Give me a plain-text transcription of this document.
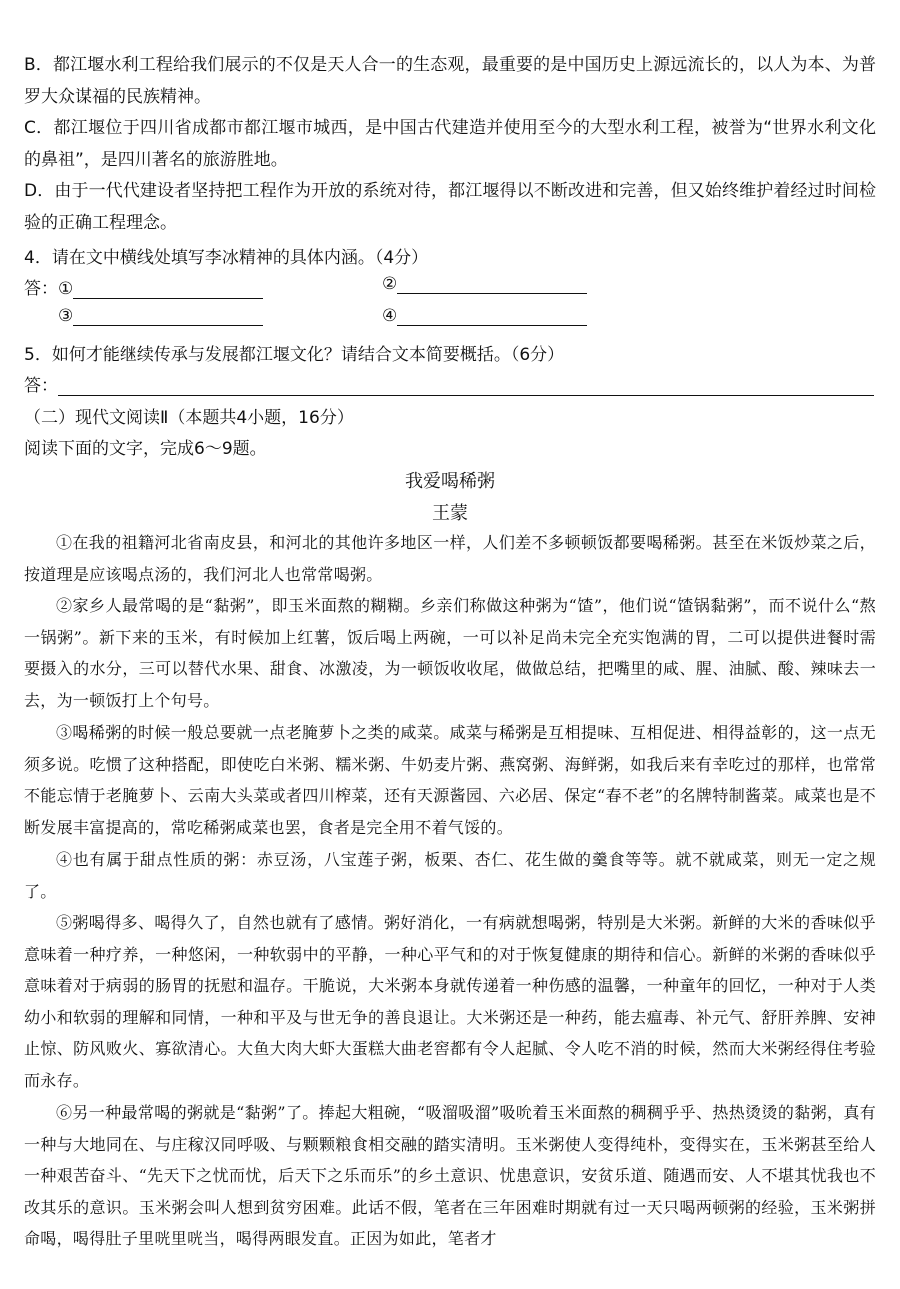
B．都江堰水利工程给我们展示的不仅是天人合一的生态观，最重要的是中国历史上源远流长的，以人为本、为普罗大众谋福的民族精神。

C．都江堰位于四川省成都市都江堰市城西，是中国古代建造并使用至今的大型水利工程，被誉为“世界水利文化的鼻祖”，是四川著名的旅游胜地。

D．由于一代代建设者坚持把工程作为开放的系统对待，都江堰得以不断改进和完善，但又始终维护着经过时间检验的正确工程理念。

4．请在文中横线处填写李冰精神的具体内涵。（4分）
答：①	②
③	④
5．如何才能继续传承与发展都江堰文化？请结合文本简要概括。（6分）
答：
（二）现代文阅读Ⅱ（本题共4小题，16分）
阅读下面的文字，完成6～9题。
我爱喝稀粥
王蒙

①在我的祖籍河北省南皮县，和河北的其他许多地区一样，人们差不多顿顿饭都要喝稀粥。甚至在米饭炒菜之后，按道理是应该喝点汤的，我们河北人也常常喝粥。

②家乡人最常喝的是“黏粥”，即玉米面熬的糊糊。乡亲们称做这种粥为“馇”，他们说“馇锅黏粥”，而不说什么“熬一锅粥”。新下来的玉米，有时候加上红薯，饭后喝上两碗，一可以补足尚未完全充实饱满的胃，二可以提供进餐时需要摄入的水分，三可以替代水果、甜食、冰激凌，为一顿饭收收尾，做做总结，把嘴里的咸、腥、油腻、酸、辣味去一去，为一顿饭打上个句号。

③喝稀粥的时候一般总要就一点老腌萝卜之类的咸菜。咸菜与稀粥是互相提味、互相促进、相得益彰的，这一点无须多说。吃惯了这种搭配，即使吃白米粥、糯米粥、牛奶麦片粥、燕窝粥、海鲜粥，如我后来有幸吃过的那样，也常常不能忘情于老腌萝卜、云南大头菜或者四川榨菜，还有天源酱园、六必居、保定“春不老”的名牌特制酱菜。咸菜也是不断发展丰富提高的，常吃稀粥咸菜也罢，食者是完全用不着气馁的。

④也有属于甜点性质的粥：赤豆汤，八宝莲子粥，板栗、杏仁、花生做的羹食等等。就不就咸菜，则无一定之规了。

⑤粥喝得多、喝得久了，自然也就有了感情。粥好消化，一有病就想喝粥，特别是大米粥。新鲜的大米的香味似乎意味着一种疗养，一种悠闲，一种软弱中的平静，一种心平气和的对于恢复健康的期待和信心。新鲜的米粥的香味似乎意味着对于病弱的肠胃的抚慰和温存。干脆说，大米粥本身就传递着一种伤感的温馨，一种童年的回忆，一种对于人类幼小和软弱的理解和同情，一种和平及与世无争的善良退让。大米粥还是一种药，能去瘟毒、补元气、舒肝养脾、安神止惊、防风败火、寡欲清心。大鱼大肉大虾大蛋糕大曲老窖都有令人起腻、令人吃不消的时候，然而大米粥经得住考验而永存。

⑥另一种最常喝的粥就是“黏粥”了。捧起大粗碗，“吸溜吸溜”吸吮着玉米面熬的稠稠乎乎、热热烫烫的黏粥，真有一种与大地同在、与庄稼汉同呼吸、与颗颗粮食相交融的踏实清明。玉米粥使人变得纯朴，变得实在，玉米粥甚至给人一种艰苦奋斗、“先天下之忧而忧，后天下之乐而乐”的乡土意识、忧患意识，安贫乐道、随遇而安、人不堪其忧我也不改其乐的意识。玉米粥会叫人想到贫穷困难。此话不假，笔者在三年困难时期就有过一天只喝两顿粥的经验，玉米粥拼命喝，喝得肚子里咣里咣当，喝得两眼发直。正因为如此，笔者才
